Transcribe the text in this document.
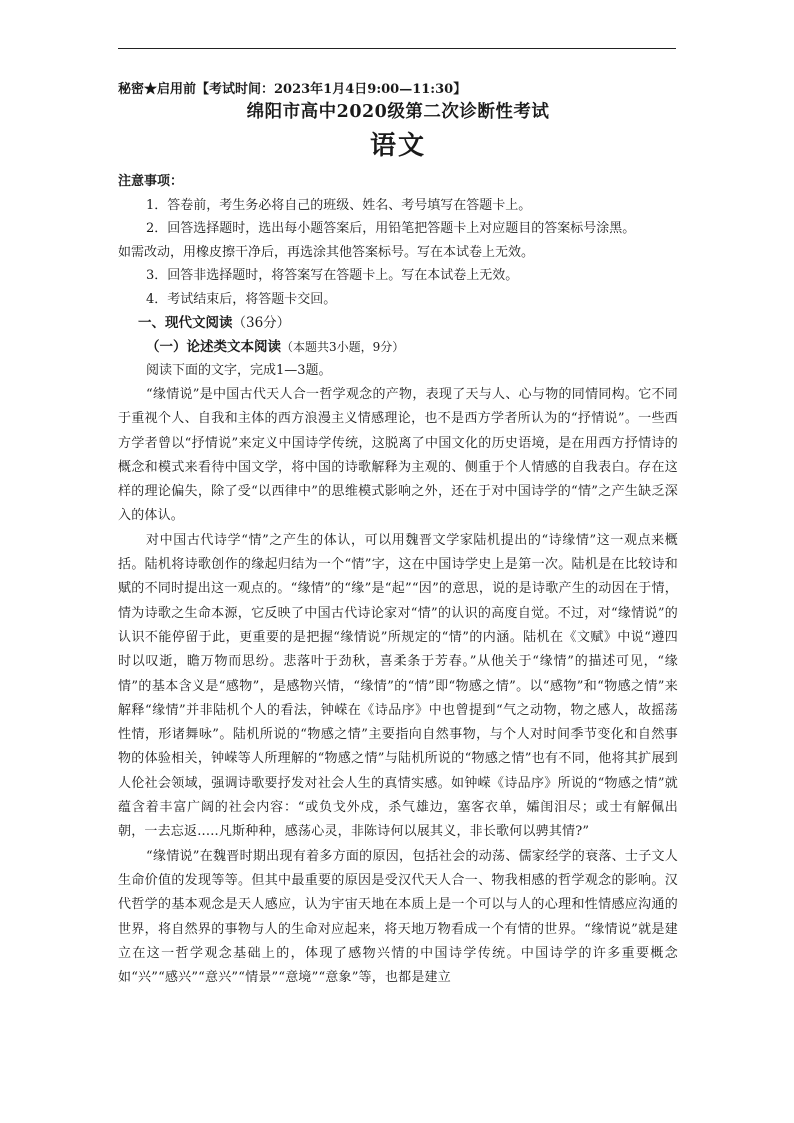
秘密★启用前【考试时间：2023年1月4日9:00—11:30】

绵阳市高中2020级第二次诊断性考试

语文

注意事项：

1．答卷前，考生务必将自己的班级、姓名、考号填写在答题卡上。

2．回答选择题时，选出每小题答案后，用铅笔把答题卡上对应题目的答案标号涂黑。

如需改动，用橡皮擦干净后，再选涂其他答案标号。写在本试卷上无效。

3．回答非选择题时，将答案写在答题卡上。写在本试卷上无效。

4．考试结束后，将答题卡交回。

一、现代文阅读（36分）

（一）论述类文本阅读（本题共3小题，9分）

阅读下面的文字，完成1—3题。

“缘情说”是中国古代天人合一哲学观念的产物，表现了天与人、心与物的同情同构。它不同于重视个人、自我和主体的西方浪漫主义情感理论，也不是西方学者所认为的“抒情说”。一些西方学者曾以“抒情说”来定义中国诗学传统，这脱离了中国文化的历史语境，是在用西方抒情诗的概念和模式来看待中国文学，将中国的诗歌解释为主观的、侧重于个人情感的自我表白。存在这样的理论偏失，除了受“以西律中”的思维模式影响之外，还在于对中国诗学的“情”之产生缺乏深入的体认。

对中国古代诗学“情”之产生的体认，可以用魏晋文学家陆机提出的“诗缘情”这一观点来概括。陆机将诗歌创作的缘起归结为一个“情”字，这在中国诗学史上是第一次。陆机是在比较诗和赋的不同时提出这一观点的。“缘情”的“缘”是“起”“因”的意思，说的是诗歌产生的动因在于情，情为诗歌之生命本源，它反映了中国古代诗论家对“情”的认识的高度自觉。不过，对“缘情说”的认识不能停留于此，更重要的是把握“缘情说”所规定的“情”的内涵。陆机在《文赋》中说“遵四时以叹逝，瞻万物而思纷。悲落叶于劲秋，喜柔条于芳春。”从他关于“缘情”的描述可见，“缘情”的基本含义是“感物”，是感物兴情，“缘情”的“情”即“物感之情”。以“感物”和“物感之情”来解释“缘情”并非陆机个人的看法，钟嵘在《诗品序》中也曾提到“气之动物，物之感人，故摇荡性情，形诸舞咏”。陆机所说的“物感之情”主要指向自然事物，与个人对时间季节变化和自然事物的体验相关，钟嵘等人所理解的“物感之情”与陆机所说的“物感之情”也有不同，他将其扩展到人伦社会领域，强调诗歌要抒发对社会人生的真情实感。如钟嵘《诗品序》所说的“物感之情”就蕴含着丰富广阔的社会内容：“或负戈外戍，杀气雄边，塞客衣单，孀闺泪尽；或士有解佩出朝，一去忘返.....凡斯种种，感荡心灵，非陈诗何以展其义，非长歌何以骋其情?”

“缘情说”在魏晋时期出现有着多方面的原因，包括社会的动荡、儒家经学的衰落、士子文人生命价值的发现等等。但其中最重要的原因是受汉代天人合一、物我相感的哲学观念的影响。汉代哲学的基本观念是天人感应，认为宇宙天地在本质上是一个可以与人的心理和性情感应沟通的世界，将自然界的事物与人的生命对应起来，将天地万物看成一个有情的世界。“缘情说”就是建立在这一哲学观念基础上的，体现了感物兴情的中国诗学传统。中国诗学的许多重要概念如“兴”“感兴”“意兴”“情景”“意境”“意象”等，也都是建立
